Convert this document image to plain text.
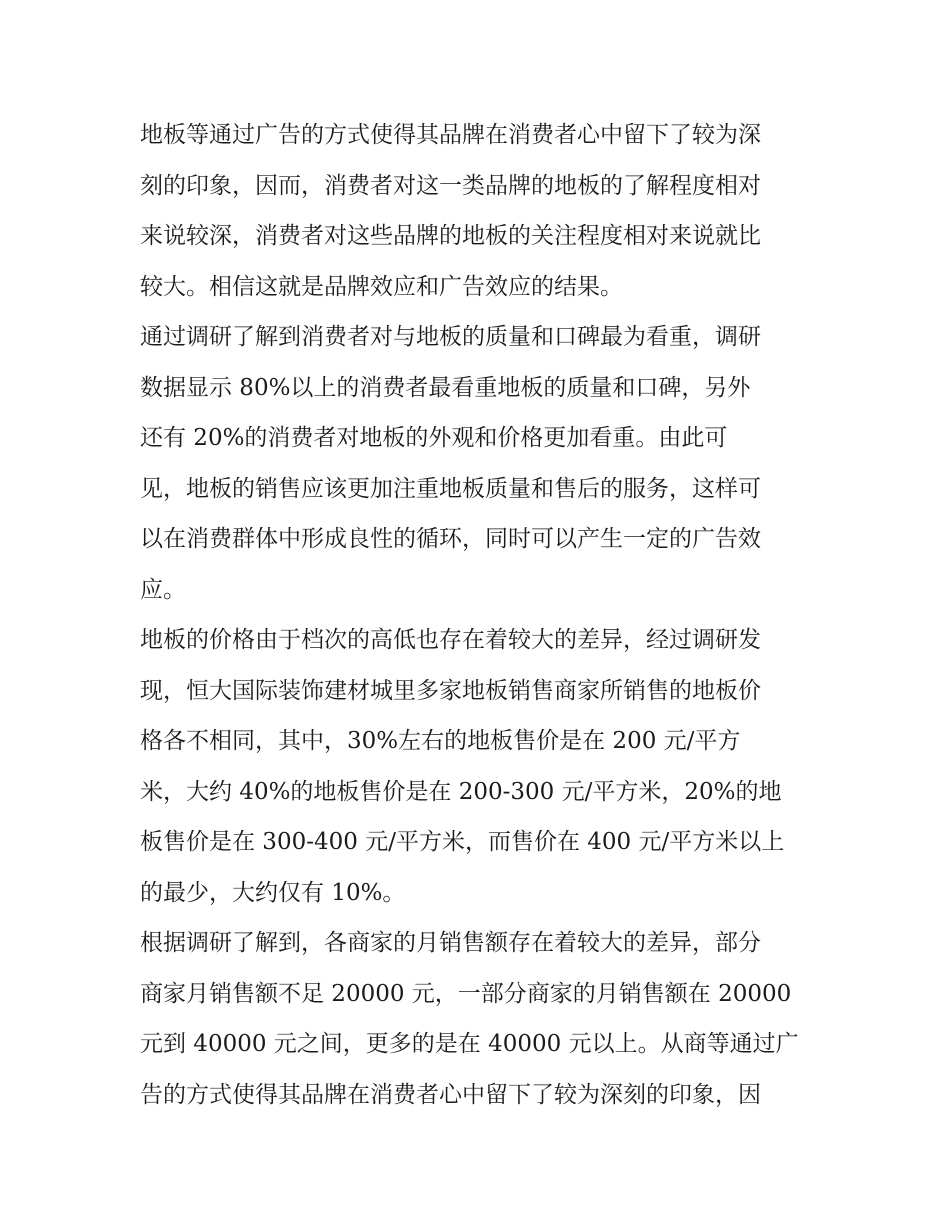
地板等通过广告的方式使得其品牌在消费者心中留下了较为深
刻的印象，因而，消费者对这一类品牌的地板的了解程度相对
来说较深，消费者对这些品牌的地板的关注程度相对来说就比
较大。相信这就是品牌效应和广告效应的结果。
通过调研了解到消费者对与地板的质量和口碑最为看重，调研
数据显示 80%以上的消费者最看重地板的质量和口碑，另外
还有 20%的消费者对地板的外观和价格更加看重。由此可
见，地板的销售应该更加注重地板质量和售后的服务，这样可
以在消费群体中形成良性的循环，同时可以产生一定的广告效
应。
地板的价格由于档次的高低也存在着较大的差异，经过调研发
现，恒大国际装饰建材城里多家地板销售商家所销售的地板价
格各不相同，其中，30%左右的地板售价是在 200 元/平方
米，大约 40%的地板售价是在 200-300 元/平方米，20%的地
板售价是在 300-400 元/平方米，而售价在 400 元/平方米以上
的最少，大约仅有 10%。
根据调研了解到，各商家的月销售额存在着较大的差异，部分
商家月销售额不足 20000 元，一部分商家的月销售额在 20000
元到 40000 元之间，更多的是在 40000 元以上。从商等通过广
告的方式使得其品牌在消费者心中留下了较为深刻的印象，因
